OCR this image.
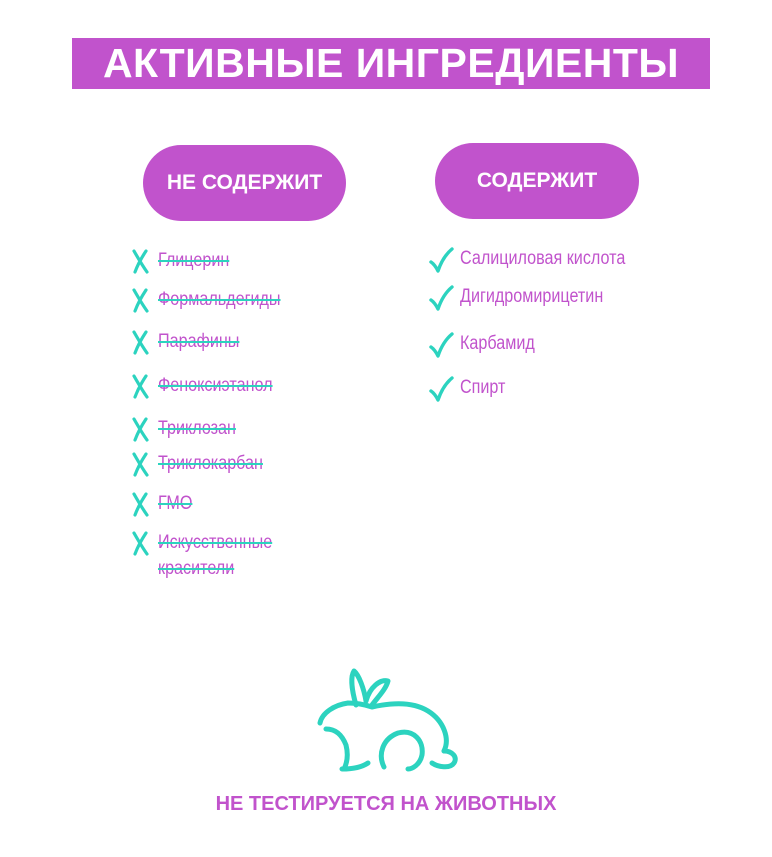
АКТИВНЫЕ ИНГРЕДИЕНТЫ
НЕ СОДЕРЖИТ	СОДЕРЖИТ
Глицерин
Формальдегиды
Парафины
Феноксиэтанол
Триклозан
Триклокарбан
ГМО
Искусственные
красители
Салициловая кислота
Дигидромирицетин
Карбамид
Спирт
НЕ ТЕСТИРУЕТСЯ НА ЖИВОТНЫХ
